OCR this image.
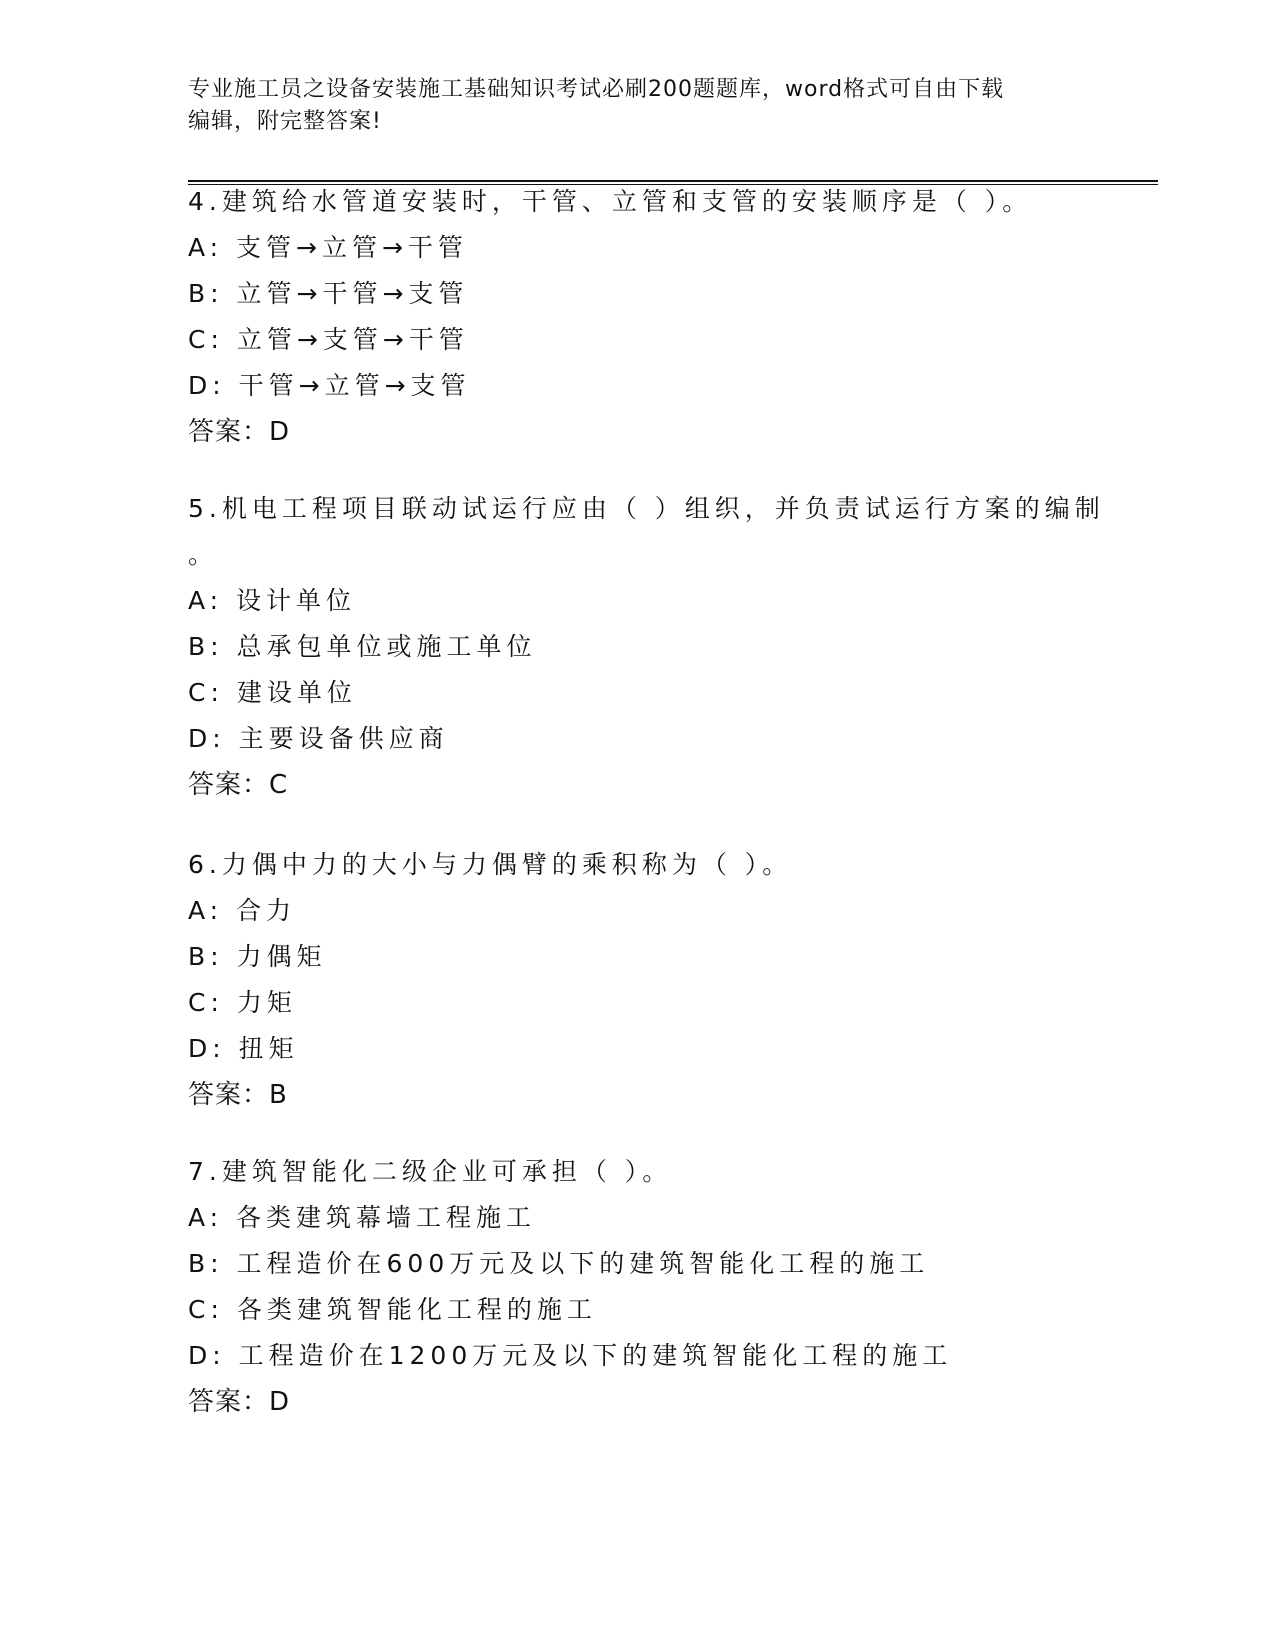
专业施工员之设备安装施工基础知识考试必刷200题题库，word格式可自由下载
编辑，附完整答案!
4.建筑给水管道安装时，干管、立管和支管的安装顺序是（ ）。
A: 支管→立管→干管
B: 立管→干管→支管
C: 立管→支管→干管
D: 干管→立管→支管
答案：D
5.机电工程项目联动试运行应由（ ）组织，并负责试运行方案的编制
。
A: 设计单位
B: 总承包单位或施工单位
C: 建设单位
D: 主要设备供应商
答案：C
6.力偶中力的大小与力偶臂的乘积称为（ ）。
A: 合力
B: 力偶矩
C: 力矩
D: 扭矩
答案：B
7.建筑智能化二级企业可承担（ ）。
A: 各类建筑幕墙工程施工
B: 工程造价在600万元及以下的建筑智能化工程的施工
C: 各类建筑智能化工程的施工
D: 工程造价在1200万元及以下的建筑智能化工程的施工
答案：D
